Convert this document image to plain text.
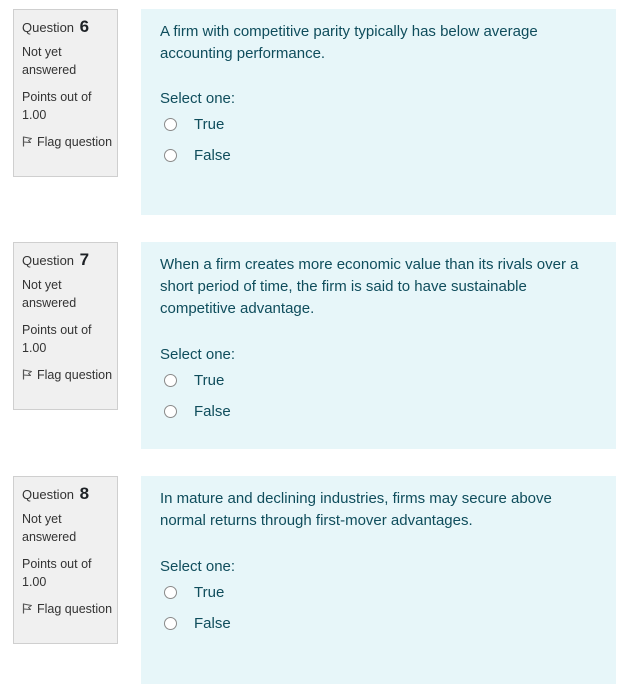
Question 6
Not yet answered
Points out of 1.00
Flag question
A firm with competitive parity typically has below average accounting performance.
Select one:
True
False
Question 7
Not yet answered
Points out of 1.00
Flag question
When a firm creates more economic value than its rivals over a short period of time, the firm is said to have sustainable competitive advantage.
Select one:
True
False
Question 8
Not yet answered
Points out of 1.00
Flag question
In mature and declining industries, firms may secure above normal returns through first-mover advantages.
Select one:
True
False
